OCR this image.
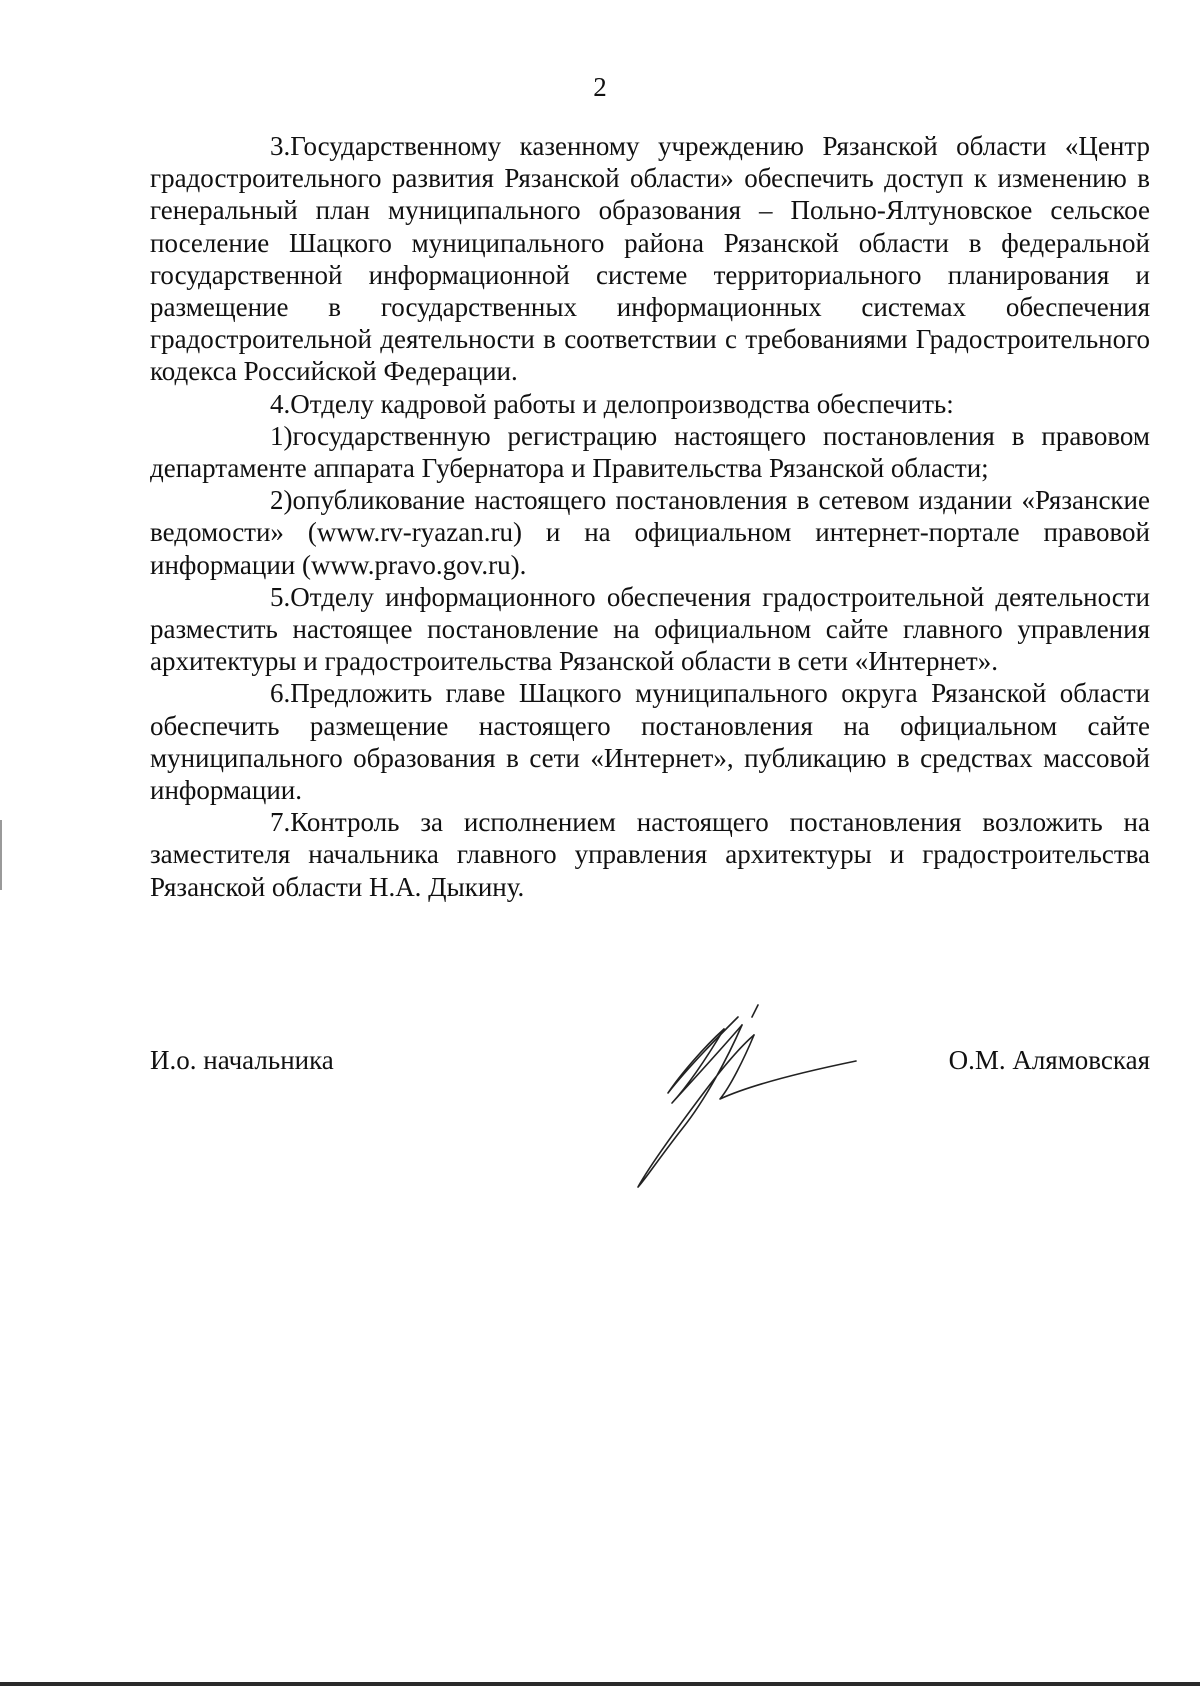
2

3.Государственному казенному учреждению Рязанской области «Центр градостроительного развития Рязанской области» обеспечить доступ к изменению в генеральный план муниципального образования – Польно-Ялтуновское сельское поселение Шацкого муниципального района Рязанской области в федеральной государственной информационной системе территориального планирования и размещение в государственных информационных системах обеспечения градостроительной деятельности в соответствии с требованиями Градостроительного кодекса Российской Федерации.

4.Отделу кадровой работы и делопроизводства обеспечить:

1)государственную регистрацию настоящего постановления в правовом департаменте аппарата Губернатора и Правительства Рязанской области;

2)опубликование настоящего постановления в сетевом издании «Рязанские ведомости» (www.rv-ryazan.ru) и на официальном интернет-портале правовой информации (www.pravo.gov.ru).

5.Отделу информационного обеспечения градостроительной деятельности разместить настоящее постановление на официальном сайте главного управления архитектуры и градостроительства Рязанской области в сети «Интернет».

6.Предложить главе Шацкого муниципального округа Рязанской области обеспечить размещение настоящего постановления на официальном сайте муниципального образования в сети «Интернет», публикацию в средствах массовой информации.

7.Контроль за исполнением настоящего постановления возложить на заместителя начальника главного управления архитектуры и градостроительства Рязанской области Н.А. Дыкину.

И.о. начальника	О.М. Алямовская
